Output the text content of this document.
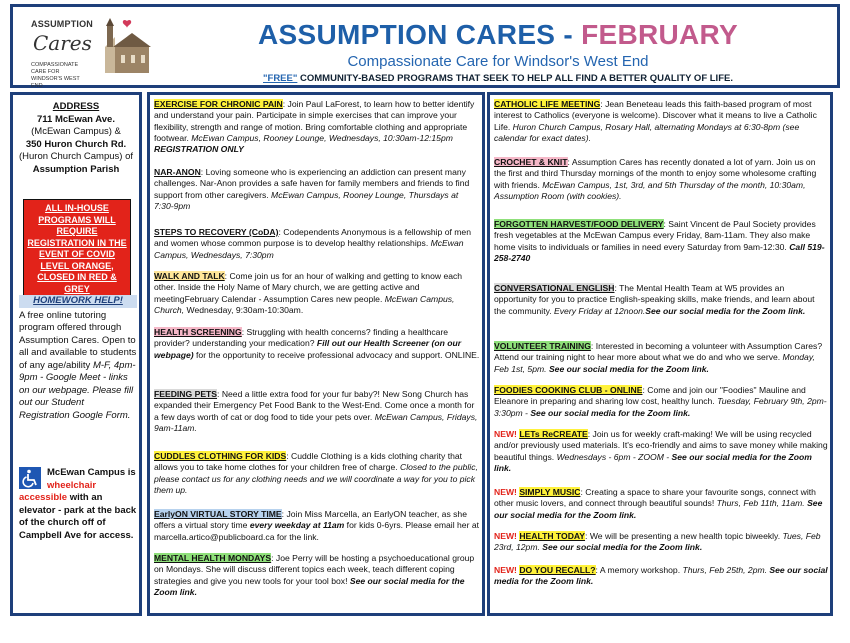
ASSUMPTION
Cares
COMPASSIONATE CARE FOR WINDSOR'S WEST END
ASSUMPTION CARES - FEBRUARY
Compassionate Care for Windsor's West End
"FREE" COMMUNITY-BASED PROGRAMS THAT SEEK TO HELP ALL FIND A BETTER QUALITY OF LIFE.
ADDRESS
711 McEwan Ave.
(McEwan Campus) &
350 Huron Church Rd.
(Huron Church Campus) of
Assumption Parish
ALL IN-HOUSE PROGRAMS WILL REQUIRE REGISTRATION IN THE EVENT OF COVID LEVEL ORANGE, CLOSED IN RED & GREY
HOMEWORK HELP!
A free online tutoring program offered through Assumption Cares. Open to all and available to students of any age/ability M-F, 4pm-9pm - Google Meet - links on our webpage. Please fill out our Student Registration Google Form.
McEwan Campus is wheelchair accessible with an elevator - park at the back of the church off of Campbell Ave for access.
EXERCISE FOR CHRONIC PAIN: Join Paul LaForest, to learn how to better identify and understand your pain. Participate in simple exercises that can improve your flexibility, strength and range of motion. Bring comfortable clothing and appropriate footwear. McEwan Campus, Rooney Lounge, Wednesdays, 10:30am-12:15pm REGISTRATION ONLY
NAR-ANON: Loving someone who is experiencing an addiction can present many challenges. Nar-Anon provides a safe haven for family members and friends to find support from other caregivers. McEwan Campus, Rooney Lounge, Thursdays at 7:30-9pm
STEPS TO RECOVERY (CoDA): Codependents Anonymous is a fellowship of men and women whose common purpose is to develop healthy relationships. McEwan Campus, Wednesdays, 7:30pm
WALK AND TALK: Come join us for an hour of walking and getting to know each other. Inside the Holy Name of Mary church, we are getting active and meetingFebruary Calendar - Assumption Cares new people. McEwan Campus, Church, Wednesday, 9:30am-10:30am.
HEALTH SCREENING: Struggling with health concerns? finding a healthcare provider? understanding your medication? Fill out our Health Screener (on our webpage) for the opportunity to receive professional advocacy and support. ONLINE.
FEEDING PETS: Need a little extra food for your fur baby?! New Song Church has expanded their Emergency Pet Food Bank to the West-End. Come once a month for a few days worth of cat or dog food to tide your pets over. McEwan Campus, Fridays, 9am-11am.
CUDDLES CLOTHING FOR KIDS: Cuddle Clothing is a kids clothing charity that allows you to take home clothes for your children free of charge. Closed to the public, please contact us for any clothing needs and we will coordinate a way for you to pick them up.
EarlyON VIRTUAL STORY TIME: Join Miss Marcella, an EarlyON teacher, as she offers a virtual story time every weekday at 11am for kids 0-6yrs. Please email her at marcella.artico@publicboard.ca for the link.
MENTAL HEALTH MONDAYS: Joe Perry will be hosting a psychoeducational group on Mondays. She will discuss different topics each week, teach different coping strategies and give you new tools for your tool box! See our social media for the Zoom link.
CATHOLIC LIFE MEETING: Jean Beneteau leads this faith-based program of most interest to Catholics (everyone is welcome). Discover what it means to live a Catholic Life. Huron Church Campus, Rosary Hall, alternating Mondays at 6:30-8pm (see calendar for exact dates).
CROCHET & KNIT: Assumption Cares has recently donated a lot of yarn. Join us on the first and third Thursday mornings of the month to enjoy some wholesome crafting with friends. McEwan Campus, 1st, 3rd, and 5th Thursday of the month, 10:30am, Assumption Room (with cookies).
FORGOTTEN HARVEST/FOOD DELIVERY: Saint Vincent de Paul Society provides fresh vegetables at the McEwan Campus every Friday, 8am-11am. They also make home visits to individuals or families in need every Saturday from 9am-12:30. Call 519-258-2740
CONVERSATIONAL ENGLISH: The Mental Health Team at W5 provides an opportunity for you to practice English-speaking skills, make friends, and learn about the community. Every Friday at 12noon.See our social media for the Zoom link.
VOLUNTEER TRAINING: Interested in becoming a volunteer with Assumption Cares? Attend our training night to hear more about what we do and who we serve. Monday, Feb 1st, 5pm. See our social media for the Zoom link.
FOODIES COOKING CLUB - ONLINE: Come and join our "Foodies" Mauline and Eleanore in preparing and sharing low cost, healthy lunch. Tuesday, February 9th, 2pm-3:30pm - See our social media for the Zoom link.
NEW! LETs ReCREATE: Join us for weekly craft-making! We will be using recycled and/or previously used materials. It's eco-friendly and aims to save money while making beautiful things. Wednesdays - 6pm - ZOOM - See our social media for the Zoom link.
NEW! SIMPLY MUSIC: Creating a space to share your favourite songs, connect with other music lovers, and connect through beautiful sounds! Thurs, Feb 11th, 11am. See our social media for the Zoom link.
NEW! HEALTH TODAY: We will be presenting a new health topic biweekly. Tues, Feb 23rd, 12pm. See our social media for the Zoom link.
NEW! DO YOU RECALL?: A memory workshop. Thurs, Feb 25th, 2pm. See our social media for the Zoom link.
